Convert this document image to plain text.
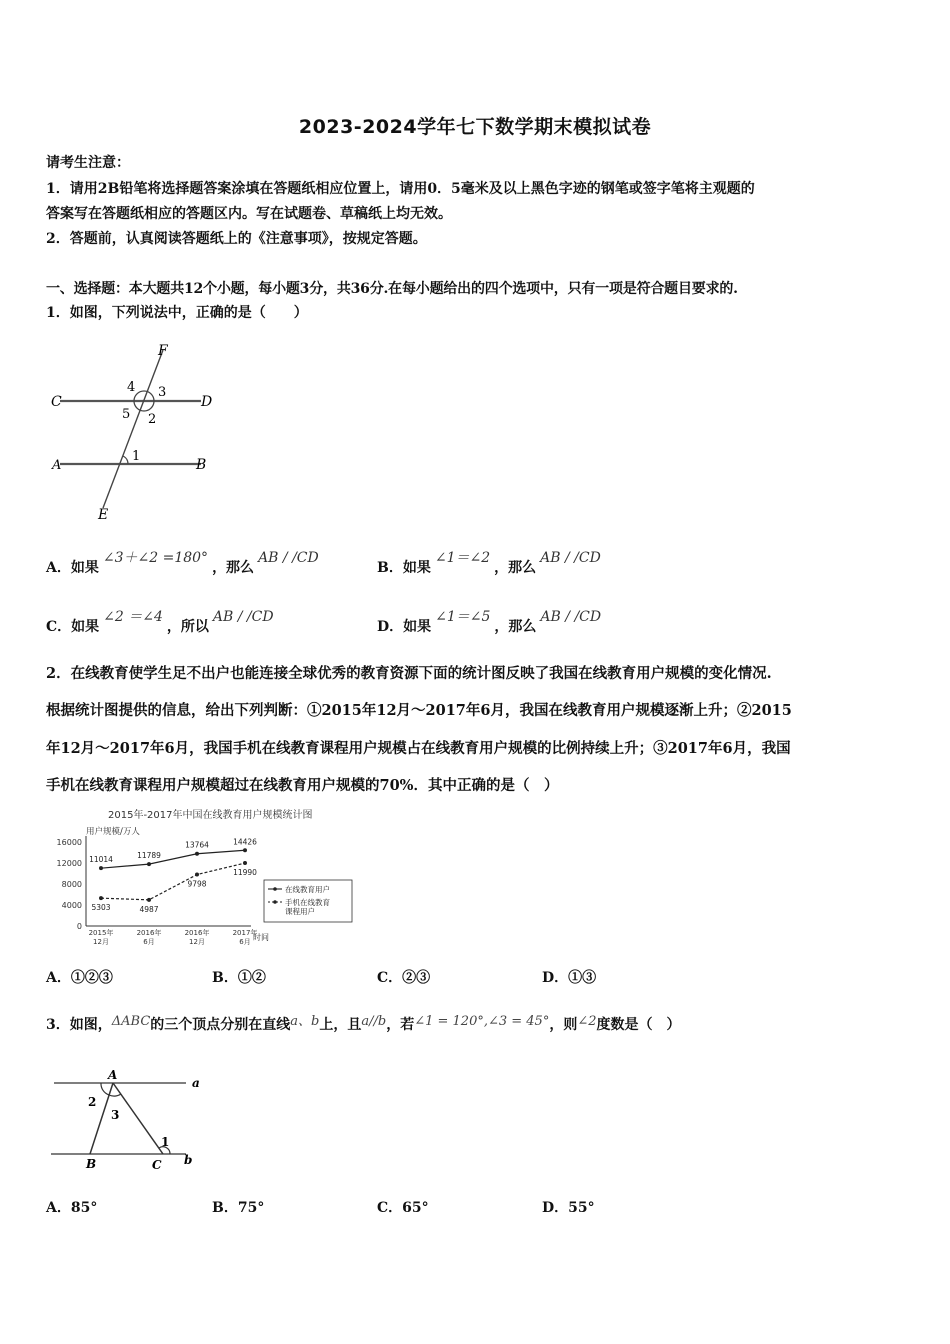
2023-2024学年七下数学期末模拟试卷
请考生注意：
1．请用2B铅笔将选择题答案涂填在答题纸相应位置上，请用0．5毫米及以上黑色字迹的钢笔或签字笔将主观题的
答案写在答题纸相应的答题区内。写在试题卷、草稿纸上均无效。
2．答题前，认真阅读答题纸上的《注意事项》，按规定答题。
一、选择题：本大题共12个小题，每小题3分，共36分.在每小题给出的四个选项中，只有一项是符合题目要求的.
1．如图，下列说法中，正确的是（　　）
F
C	D
A	B
E
1
2
3
4
5
A．如果∠3＋∠2 =180°，那么AB / /CD
B．如果∠1＝∠2，那么AB / /CD
C．如果∠2 ＝∠4，所以AB / /CD
D．如果∠1＝∠5，那么AB / /CD
2．在线教育使学生足不出户也能连接全球优秀的教育资源下面的统计图反映了我国在线教育用户规模的变化情况.
根据统计图提供的信息，给出下列判断：①2015年12月～2017年6月，我国在线教育用户规模逐渐上升；②2015
年12月～2017年6月，我国手机在线教育课程用户规模占在线教育用户规模的比例持续上升；③2017年6月，我国
手机在线教育课程用户规模超过在线教育用户规模的70%．其中正确的是（　）
2015年-2017年中国在线教育用户规模统计图
用户规模/万人
时间
16000
12000
8000
4000
0
2015年
12月
2016年
6月
2016年
12月
2017年
6月
11014	11789
13764	14426
5303	4987
9798
11990
在线教育用户
手机在线教育
课程用户
A．①②③	B．①②	C．②③	D．①③
3．如图，ΔABC的三个顶点分别在直线a、b上，且a//b，若∠1 = 120°,∠3 = 45°，则∠2度数是（　）
A
B	C
a
b
1
2
3
A．85°	B．75°	C．65°	D．55°
